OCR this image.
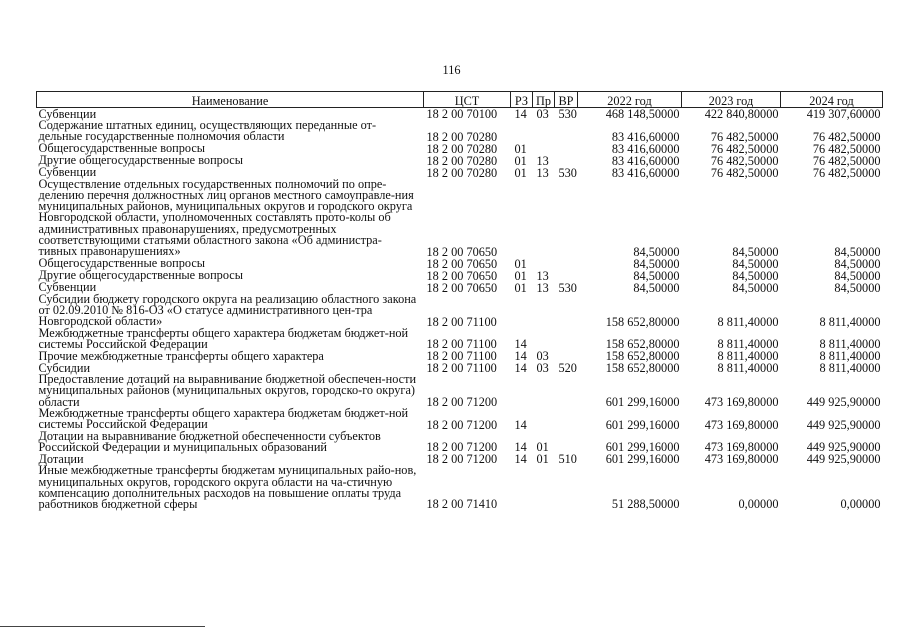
116
Наименование	ЦСТ	РЗ	Пр	ВР	2022 год	2023 год	2024 год
Субвенции	18 2 00 70100	14	03	530	468 148,50000	422 840,80000	419 307,60000
Содержание штатных единиц, осуществляющих переданные от-дельные государственные полномочия области	18 2 00 70280				83 416,60000	76 482,50000	76 482,50000
Общегосударственные вопросы	18 2 00 70280	01			83 416,60000	76 482,50000	76 482,50000
Другие общегосударственные вопросы	18 2 00 70280	01	13		83 416,60000	76 482,50000	76 482,50000
Субвенции	18 2 00 70280	01	13	530	83 416,60000	76 482,50000	76 482,50000
Осуществление отдельных государственных полномочий по опре-делению перечня должностных лиц органов местного самоуправле-ния муниципальных районов, муниципальных округов и городского округа Новгородской области, уполномоченных составлять прото-колы об административных правонарушениях, предусмотренных соответствующими статьями областного закона «Об администра-тивных правонарушениях»	18 2 00 70650				84,50000	84,50000	84,50000
Общегосударственные вопросы	18 2 00 70650	01			84,50000	84,50000	84,50000
Другие общегосударственные вопросы	18 2 00 70650	01	13		84,50000	84,50000	84,50000
Субвенции	18 2 00 70650	01	13	530	84,50000	84,50000	84,50000
Субсидии бюджету городского округа на реализацию областного закона от 02.09.2010 № 816-ОЗ «О статусе административного цен-тра Новгородской области»	18 2 00 71100				158 652,80000	8 811,40000	8 811,40000
Межбюджетные трансферты общего характера бюджетам бюджет-ной системы Российской Федерации	18 2 00 71100	14			158 652,80000	8 811,40000	8 811,40000
Прочие межбюджетные трансферты общего характера	18 2 00 71100	14	03		158 652,80000	8 811,40000	8 811,40000
Субсидии	18 2 00 71100	14	03	520	158 652,80000	8 811,40000	8 811,40000
Предоставление дотаций на выравнивание бюджетной обеспечен-ности муниципальных районов (муниципальных округов, городско-го округа) области	18 2 00 71200				601 299,16000	473 169,80000	449 925,90000
Межбюджетные трансферты общего характера бюджетам бюджет-ной системы Российской Федерации	18 2 00 71200	14			601 299,16000	473 169,80000	449 925,90000
Дотации на выравнивание бюджетной обеспеченности субъектов Российской Федерации и муниципальных образований	18 2 00 71200	14	01		601 299,16000	473 169,80000	449 925,90000
Дотации	18 2 00 71200	14	01	510	601 299,16000	473 169,80000	449 925,90000
Иные межбюджетные трансферты бюджетам муниципальных райо-нов, муниципальных округов, городского округа области на ча-стичную компенсацию дополнительных расходов на повышение оплаты труда работников бюджетной сферы	18 2 00 71410				51 288,50000	0,00000	0,00000
